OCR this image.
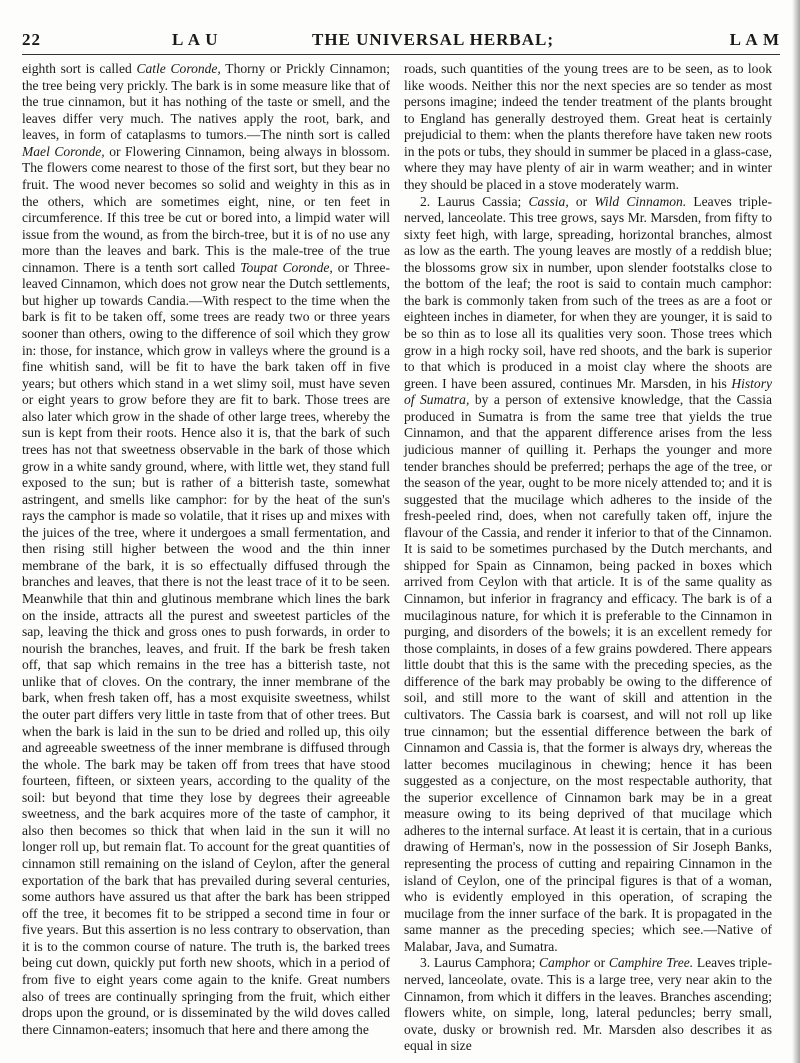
22	L A U	THE UNIVERSAL HERBAL;	L A M

eighth sort is called Catle Coronde, Thorny or Prickly Cinnamon; the tree being very prickly. The bark is in some measure like that of the true cinnamon, but it has nothing of the taste or smell, and the leaves differ very much. The natives apply the root, bark, and leaves, in form of cataplasms to tumors.—The ninth sort is called Mael Coronde, or Flowering Cinnamon, being always in blossom. The flowers come nearest to those of the first sort, but they bear no fruit. The wood never becomes so solid and weighty in this as in the others, which are sometimes eight, nine, or ten feet in circumference. If this tree be cut or bored into, a limpid water will issue from the wound, as from the birch-tree, but it is of no use any more than the leaves and bark. This is the male-tree of the true cinnamon. There is a tenth sort called Toupat Coronde, or Three-leaved Cinnamon, which does not grow near the Dutch settlements, but higher up towards Candia.—With respect to the time when the bark is fit to be taken off, some trees are ready two or three years sooner than others, owing to the difference of soil which they grow in: those, for instance, which grow in valleys where the ground is a fine whitish sand, will be fit to have the bark taken off in five years; but others which stand in a wet slimy soil, must have seven or eight years to grow before they are fit to bark. Those trees are also later which grow in the shade of other large trees, whereby the sun is kept from their roots. Hence also it is, that the bark of such trees has not that sweetness observable in the bark of those which grow in a white sandy ground, where, with little wet, they stand full exposed to the sun; but is rather of a bitterish taste, somewhat astringent, and smells like camphor: for by the heat of the sun's rays the camphor is made so volatile, that it rises up and mixes with the juices of the tree, where it undergoes a small fermentation, and then rising still higher between the wood and the thin inner membrane of the bark, it is so effectually diffused through the branches and leaves, that there is not the least trace of it to be seen. Meanwhile that thin and glutinous membrane which lines the bark on the inside, attracts all the purest and sweetest particles of the sap, leaving the thick and gross ones to push forwards, in order to nourish the branches, leaves, and fruit. If the bark be fresh taken off, that sap which remains in the tree has a bitterish taste, not unlike that of cloves. On the contrary, the inner membrane of the bark, when fresh taken off, has a most exquisite sweetness, whilst the outer part differs very little in taste from that of other trees. But when the bark is laid in the sun to be dried and rolled up, this oily and agreeable sweetness of the inner membrane is diffused through the whole. The bark may be taken off from trees that have stood fourteen, fifteen, or sixteen years, according to the quality of the soil: but beyond that time they lose by degrees their agreeable sweetness, and the bark acquires more of the taste of camphor, it also then becomes so thick that when laid in the sun it will no longer roll up, but remain flat. To account for the great quantities of cinnamon still remaining on the island of Ceylon, after the general exportation of the bark that has prevailed during several centuries, some authors have assured us that after the bark has been stripped off the tree, it becomes fit to be stripped a second time in four or five years. But this assertion is no less contrary to observation, than it is to the common course of nature. The truth is, the barked trees being cut down, quickly put forth new shoots, which in a period of from five to eight years come again to the knife. Great numbers also of trees are continually springing from the fruit, which either drops upon the ground, or is disseminated by the wild doves called there Cinnamon-eaters; insomuch that here and there among the

roads, such quantities of the young trees are to be seen, as to look like woods. Neither this nor the next species are so tender as most persons imagine; indeed the tender treatment of the plants brought to England has generally destroyed them. Great heat is certainly prejudicial to them: when the plants therefore have taken new roots in the pots or tubs, they should in summer be placed in a glass-case, where they may have plenty of air in warm weather; and in winter they should be placed in a stove moderately warm.

2. Laurus Cassia; Cassia, or Wild Cinnamon. Leaves triple-nerved, lanceolate. This tree grows, says Mr. Marsden, from fifty to sixty feet high, with large, spreading, horizontal branches, almost as low as the earth. The young leaves are mostly of a reddish blue; the blossoms grow six in number, upon slender footstalks close to the bottom of the leaf; the root is said to contain much camphor: the bark is commonly taken from such of the trees as are a foot or eighteen inches in diameter, for when they are younger, it is said to be so thin as to lose all its qualities very soon. Those trees which grow in a high rocky soil, have red shoots, and the bark is superior to that which is produced in a moist clay where the shoots are green. I have been assured, continues Mr. Marsden, in his History of Sumatra, by a person of extensive knowledge, that the Cassia produced in Sumatra is from the same tree that yields the true Cinnamon, and that the apparent difference arises from the less judicious manner of quilling it. Perhaps the younger and more tender branches should be preferred; perhaps the age of the tree, or the season of the year, ought to be more nicely attended to; and it is suggested that the mucilage which adheres to the inside of the fresh-peeled rind, does, when not carefully taken off, injure the flavour of the Cassia, and render it inferior to that of the Cinnamon. It is said to be sometimes purchased by the Dutch merchants, and shipped for Spain as Cinnamon, being packed in boxes which arrived from Ceylon with that article. It is of the same quality as Cinnamon, but inferior in fragrancy and efficacy. The bark is of a mucilaginous nature, for which it is preferable to the Cinnamon in purging, and disorders of the bowels; it is an excellent remedy for those complaints, in doses of a few grains powdered. There appears little doubt that this is the same with the preceding species, as the difference of the bark may probably be owing to the difference of soil, and still more to the want of skill and attention in the cultivators. The Cassia bark is coarsest, and will not roll up like true cinnamon; but the essential difference between the bark of Cinnamon and Cassia is, that the former is always dry, whereas the latter becomes mucilaginous in chewing; hence it has been suggested as a conjecture, on the most respectable authority, that the superior excellence of Cinnamon bark may be in a great measure owing to its being deprived of that mucilage which adheres to the internal surface. At least it is certain, that in a curious drawing of Herman's, now in the possession of Sir Joseph Banks, representing the process of cutting and repairing Cinnamon in the island of Ceylon, one of the principal figures is that of a woman, who is evidently employed in this operation, of scraping the mucilage from the inner surface of the bark. It is propagated in the same manner as the preceding species; which see.—Native of Malabar, Java, and Sumatra.

3. Laurus Camphora; Camphor or Camphire Tree. Leaves triple-nerved, lanceolate, ovate. This is a large tree, very near akin to the Cinnamon, from which it differs in the leaves. Branches ascending; flowers white, on simple, long, lateral peduncles; berry small, ovate, dusky or brownish red. Mr. Marsden also describes it as equal in size
